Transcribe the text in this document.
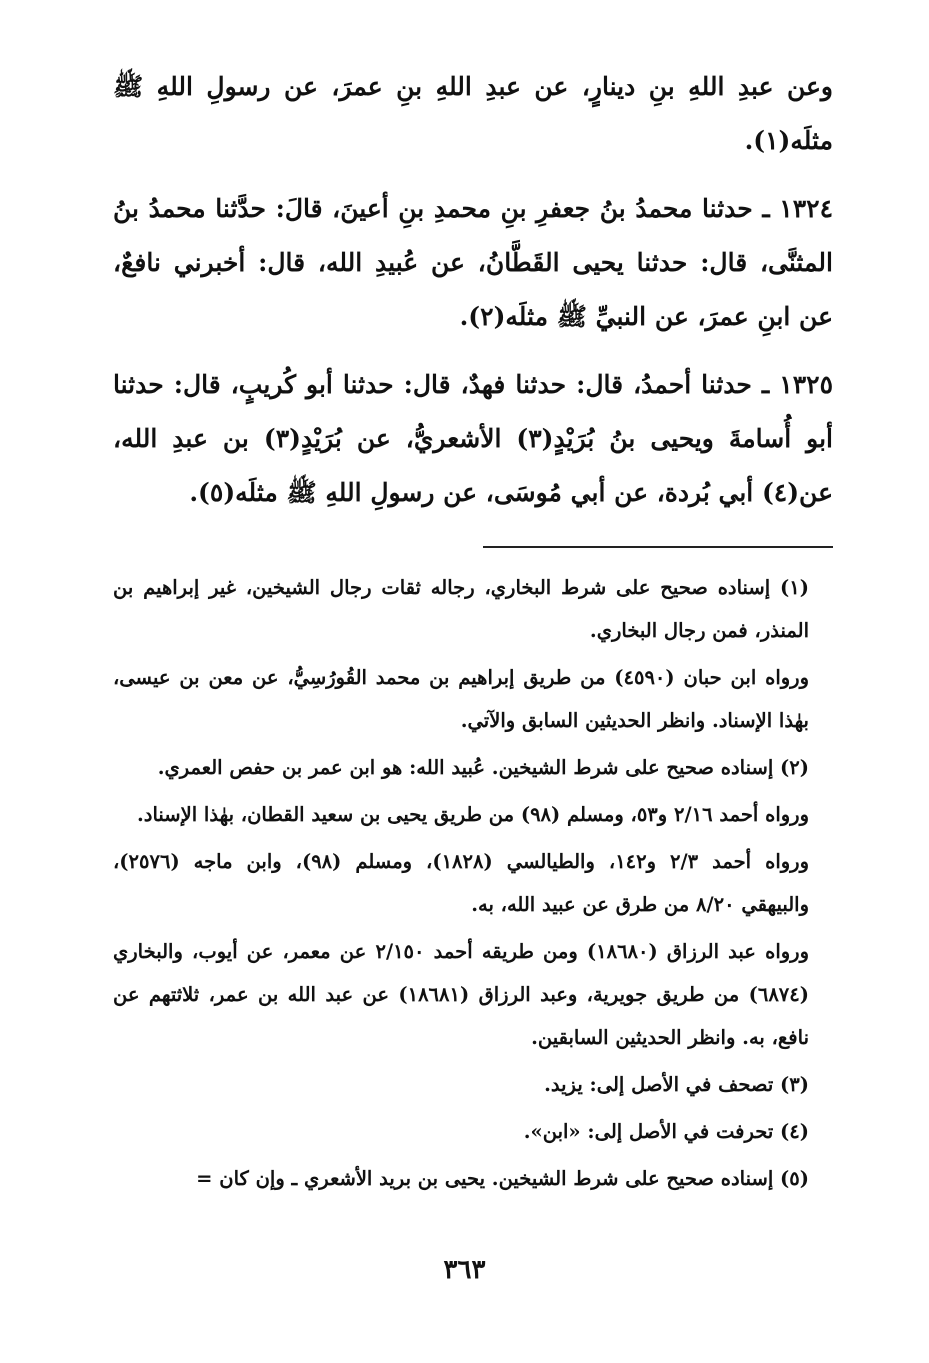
وعن عبدِ اللهِ بنِ دينارٍ، عن عبدِ اللهِ بنِ عمرَ، عن رسولِ اللهِ ﷺ مثلَه(١).

١٣٢٤ ـ حدثنا محمدُ بنُ جعفرِ بنِ محمدِ بنِ أعينَ، قالَ: حدَّثنا محمدُ بنُ المثنَّى، قال: حدثنا يحيى القَطَّانُ، عن عُبيدِ الله، قال: أخبرني نافعٌ، عن ابنِ عمرَ، عن النبيِّ ﷺ مثلَه(٢).

١٣٢٥ ـ حدثنا أحمدُ، قال: حدثنا فهدٌ، قال: حدثنا أبو كُريبٍ، قال: حدثنا أبو أُسامةَ ويحيى بنُ بُرَيْدٍ(٣) الأشعريُّ، عن بُرَيْدٍ(٣) بن عبدِ الله، عن(٤) أبي بُردة، عن أبي مُوسَى، عن رسولِ اللهِ ﷺ مثلَه(٥).

(١) إسناده صحيح على شرط البخاري، رجاله ثقات رجال الشيخين، غير إبراهيم بن المنذر، فمن رجال البخاري.

ورواه ابن حبان (٤٥٩٠) من طريق إبراهيم بن محمد القُورُسِيُّ، عن معن بن عيسى، بهٰذا الإسناد. وانظر الحديثين السابق والآتي.

(٢) إسناده صحيح على شرط الشيخين. عُبيد الله: هو ابن عمر بن حفص العمري.

ورواه أحمد ٢/١٦ و٥٣، ومسلم (٩٨) من طريق يحيى بن سعيد القطان، بهٰذا الإسناد.

ورواه أحمد ٢/٣ و١٤٢، والطيالسي (١٨٢٨)، ومسلم (٩٨)، وابن ماجه (٢٥٧٦)، والبيهقي ٨/٢٠ من طرق عن عبيد الله، به.

ورواه عبد الرزاق (١٨٦٨٠) ومن طريقه أحمد ٢/١٥٠ عن معمر، عن أيوب، والبخاري (٦٨٧٤) من طريق جويرية، وعبد الرزاق (١٨٦٨١) عن عبد الله بن عمر، ثلاثتهم عن نافع، به. وانظر الحديثين السابقين.

(٣) تصحف في الأصل إلى: يزيد.

(٤) تحرفت في الأصل إلى: «ابن».

(٥) إسناده صحيح على شرط الشيخين. يحيى بن بريد الأشعري ـ وإن كان =

٣٦٣
